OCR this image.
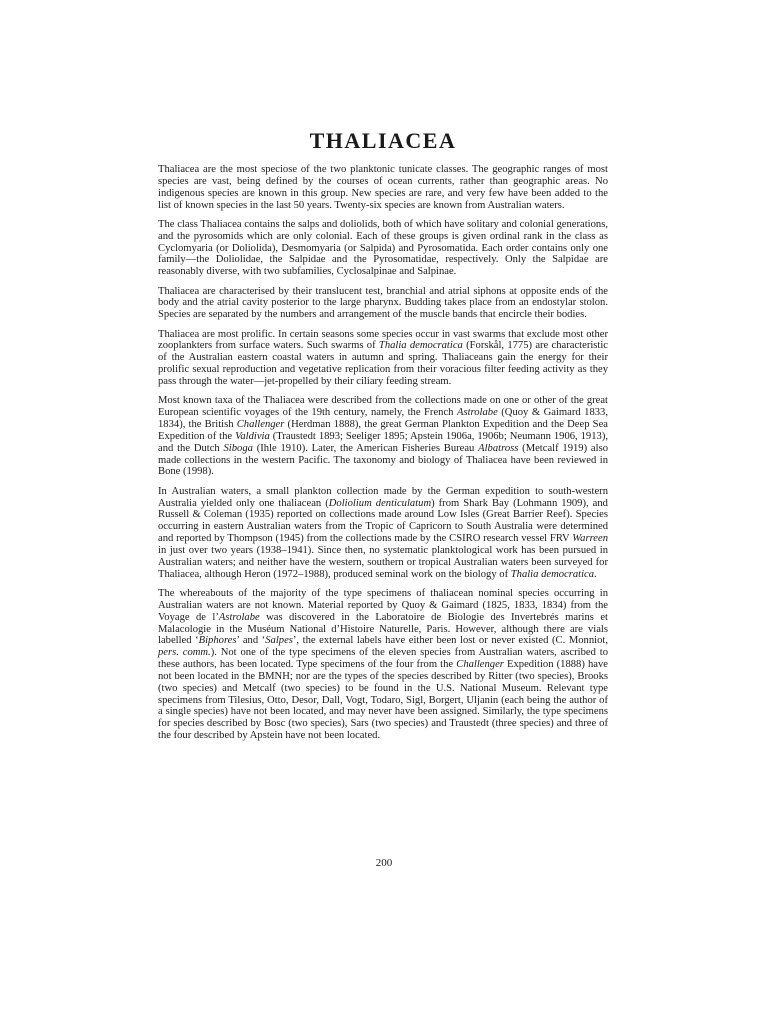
THALIACEA

Thaliacea are the most speciose of the two planktonic tunicate classes. The geographic ranges of most species are vast, being defined by the courses of ocean currents, rather than geographic areas. No indigenous species are known in this group. New species are rare, and very few have been added to the list of known species in the last 50 years. Twenty-six species are known from Australian waters.

The class Thaliacea contains the salps and doliolids, both of which have solitary and colonial generations, and the pyrosomids which are only colonial. Each of these groups is given ordinal rank in the class as Cyclomyaria (or Doliolida), Desmomyaria (or Salpida) and Pyrosomatida. Each order contains only one family—the Doliolidae, the Salpidae and the Pyrosomatidae, respectively. Only the Salpidae are reasonably diverse, with two subfamilies, Cyclosalpinae and Salpinae.

Thaliacea are characterised by their translucent test, branchial and atrial siphons at opposite ends of the body and the atrial cavity posterior to the large pharynx. Budding takes place from an endostylar stolon. Species are separated by the numbers and arrangement of the muscle bands that encircle their bodies.

Thaliacea are most prolific. In certain seasons some species occur in vast swarms that exclude most other zooplankters from surface waters. Such swarms of Thalia democratica (Forskål, 1775) are characteristic of the Australian eastern coastal waters in autumn and spring. Thaliaceans gain the energy for their prolific sexual reproduction and vegetative replication from their voracious filter feeding activity as they pass through the water—jet-propelled by their ciliary feeding stream.

Most known taxa of the Thaliacea were described from the collections made on one or other of the great European scientific voyages of the 19th century, namely, the French Astrolabe (Quoy & Gaimard 1833, 1834), the British Challenger (Herdman 1888), the great German Plankton Expedition and the Deep Sea Expedition of the Valdivia (Traustedt 1893; Seeliger 1895; Apstein 1906a, 1906b; Neumann 1906, 1913), and the Dutch Siboga (Ihle 1910). Later, the American Fisheries Bureau Albatross (Metcalf 1919) also made collections in the western Pacific. The taxonomy and biology of Thaliacea have been reviewed in Bone (1998).

In Australian waters, a small plankton collection made by the German expedition to south-western Australia yielded only one thaliacean (Doliolium denticulatum) from Shark Bay (Lohmann 1909), and Russell & Coleman (1935) reported on collections made around Low Isles (Great Barrier Reef). Species occurring in eastern Australian waters from the Tropic of Capricorn to South Australia were determined and reported by Thompson (1945) from the collections made by the CSIRO research vessel FRV Warreen in just over two years (1938–1941). Since then, no systematic planktological work has been pursued in Australian waters; and neither have the western, southern or tropical Australian waters been surveyed for Thaliacea, although Heron (1972–1988), produced seminal work on the biology of Thalia democratica.

The whereabouts of the majority of the type specimens of thaliacean nominal species occurring in Australian waters are not known. Material reported by Quoy & Gaimard (1825, 1833, 1834) from the Voyage de l’Astrolabe was discovered in the Laboratoire de Biologie des Invertebrés marins et Malacologie in the Muséum National d’Histoire Naturelle, Paris. However, although there are vials labelled ‘Biphores’ and ‘Salpes’, the external labels have either been lost or never existed (C. Monniot, pers. comm.). Not one of the type specimens of the eleven species from Australian waters, ascribed to these authors, has been located. Type specimens of the four from the Challenger Expedition (1888) have not been located in the BMNH; nor are the types of the species described by Ritter (two species), Brooks (two species) and Metcalf (two species) to be found in the U.S. National Museum. Relevant type specimens from Tilesius, Otto, Desor, Dall, Vogt, Todaro, Sigl, Borgert, Uljanin (each being the author of a single species) have not been located, and may never have been assigned. Similarly, the type specimens for species described by Bosc (two species), Sars (two species) and Traustedt (three species) and three of the four described by Apstein have not been located.

200
